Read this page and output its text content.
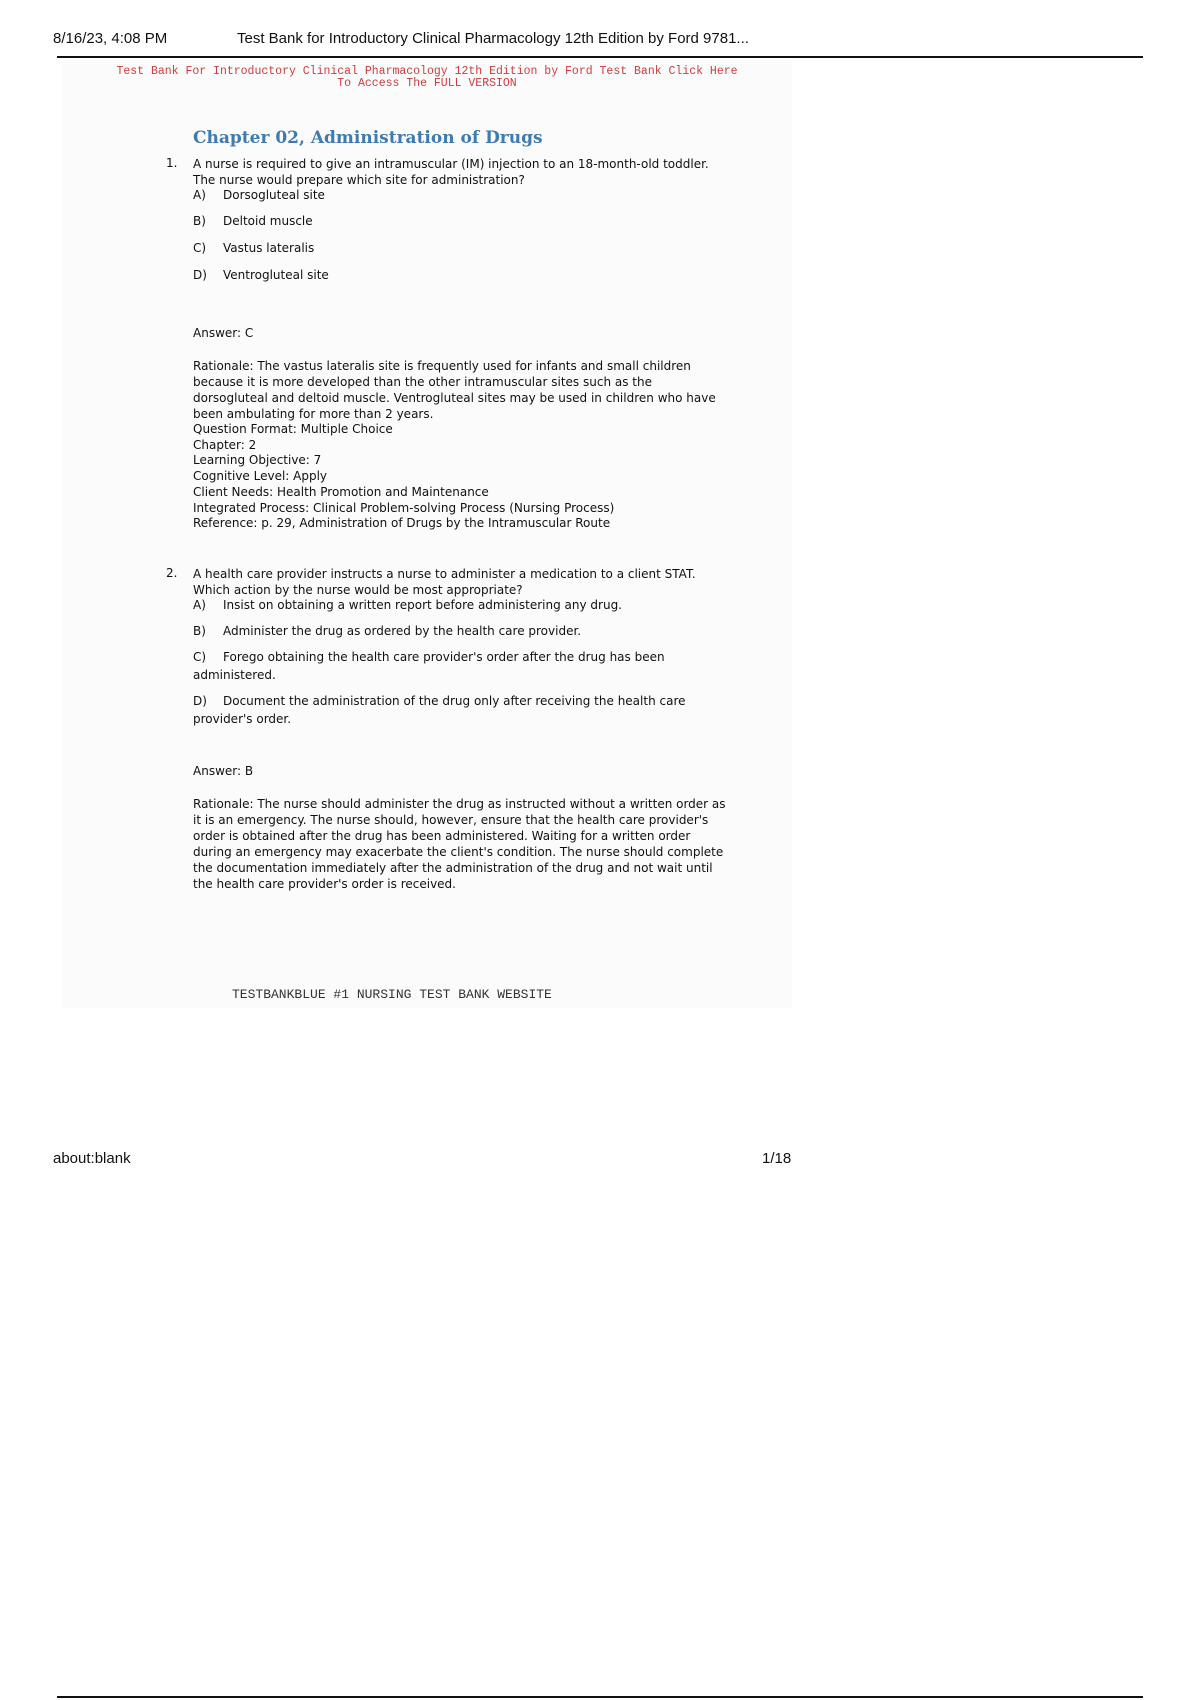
8/16/23, 4:08 PM	Test Bank for Introductory Clinical Pharmacology 12th Edition by Ford 9781...
Test Bank For Introductory Clinical Pharmacology 12th Edition by Ford Test Bank Click Here
To Access The FULL VERSION
Chapter 02, Administration of Drugs
1. A nurse is required to give an intramuscular (IM) injection to an 18-month-old toddler. The nurse would prepare which site for administration?
A) Dorsogluteal site
B) Deltoid muscle
C) Vastus lateralis
D) Ventrogluteal site
Answer: C
Rationale: The vastus lateralis site is frequently used for infants and small children because it is more developed than the other intramuscular sites such as the dorsogluteal and deltoid muscle. Ventrogluteal sites may be used in children who have been ambulating for more than 2 years.
Question Format: Multiple Choice
Chapter: 2
Learning Objective: 7
Cognitive Level: Apply
Client Needs: Health Promotion and Maintenance
Integrated Process: Clinical Problem-solving Process (Nursing Process)
Reference: p. 29, Administration of Drugs by the Intramuscular Route
2. A health care provider instructs a nurse to administer a medication to a client STAT. Which action by the nurse would be most appropriate?
A) Insist on obtaining a written report before administering any drug.
B) Administer the drug as ordered by the health care provider.
C) Forego obtaining the health care provider's order after the drug has been administered.
D) Document the administration of the drug only after receiving the health care provider's order.
Answer: B
Rationale: The nurse should administer the drug as instructed without a written order as it is an emergency. The nurse should, however, ensure that the health care provider's order is obtained after the drug has been administered. Waiting for a written order during an emergency may exacerbate the client's condition. The nurse should complete the documentation immediately after the administration of the drug and not wait until the health care provider's order is received.
TESTBANKBLUE #1 NURSING TEST BANK WEBSITE
about:blank	1/18
